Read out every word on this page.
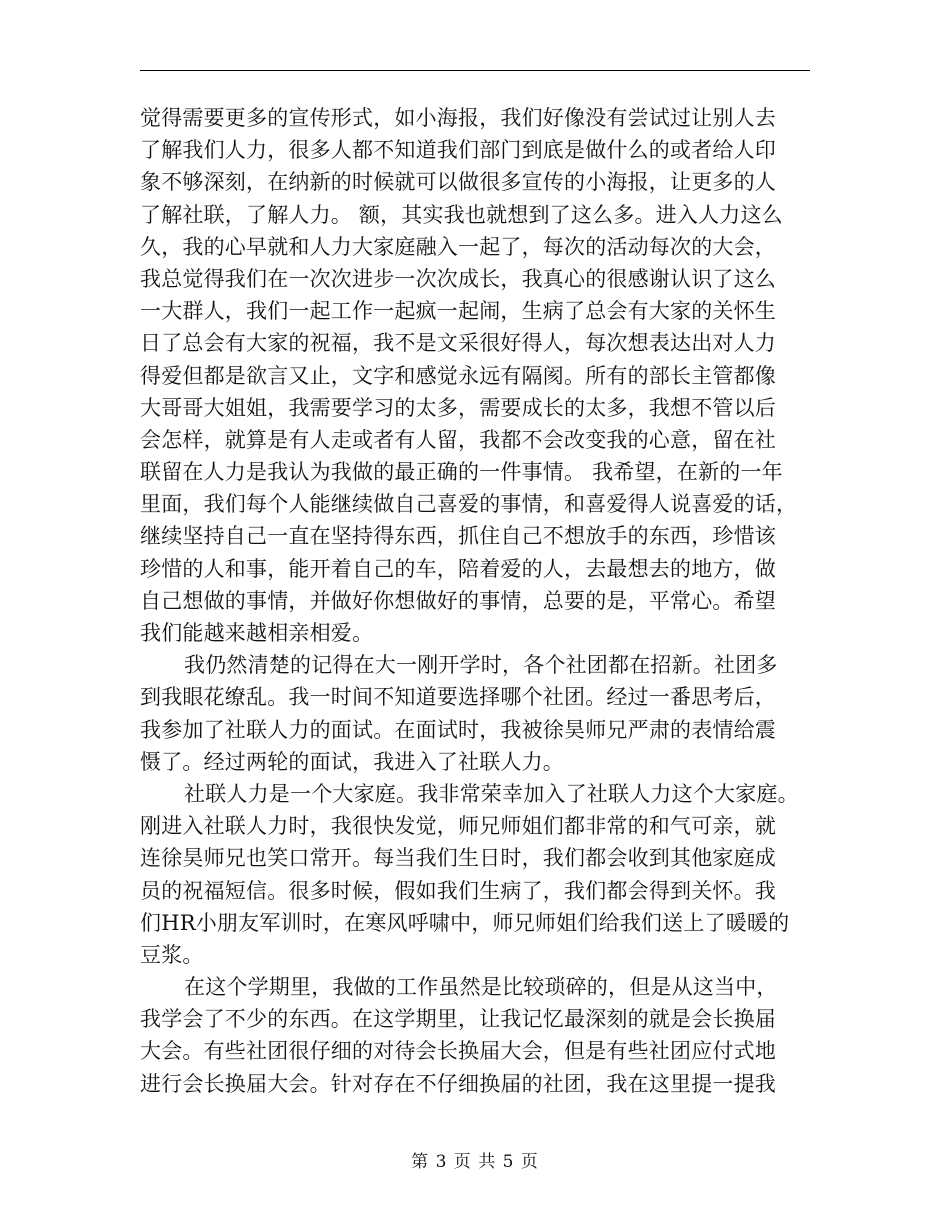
觉得需要更多的宣传形式，如小海报，我们好像没有尝试过让别人去
了解我们人力，很多人都不知道我们部门到底是做什么的或者给人印
象不够深刻，在纳新的时候就可以做很多宣传的小海报，让更多的人
了解社联，了解人力。 额，其实我也就想到了这么多。进入人力这么
久，我的心早就和人力大家庭融入一起了，每次的活动每次的大会，
我总觉得我们在一次次进步一次次成长，我真心的很感谢认识了这么
一大群人，我们一起工作一起疯一起闹，生病了总会有大家的关怀生
日了总会有大家的祝福，我不是文采很好得人，每次想表达出对人力
得爱但都是欲言又止，文字和感觉永远有隔阂。所有的部长主管都像
大哥哥大姐姐，我需要学习的太多，需要成长的太多，我想不管以后
会怎样，就算是有人走或者有人留，我都不会改变我的心意，留在社
联留在人力是我认为我做的最正确的一件事情。 我希望，在新的一年
里面，我们每个人能继续做自己喜爱的事情，和喜爱得人说喜爱的话，
继续坚持自己一直在坚持得东西，抓住自己不想放手的东西，珍惜该
珍惜的人和事，能开着自己的车，陪着爱的人，去最想去的地方，做
自己想做的事情，并做好你想做好的事情，总要的是，平常心。希望
我们能越来越相亲相爱。
我仍然清楚的记得在大一刚开学时，各个社团都在招新。社团多
到我眼花缭乱。我一时间不知道要选择哪个社团。经过一番思考后，
我参加了社联人力的面试。在面试时，我被徐昊师兄严肃的表情给震
慑了。经过两轮的面试，我进入了社联人力。
社联人力是一个大家庭。我非常荣幸加入了社联人力这个大家庭。
刚进入社联人力时，我很快发觉，师兄师姐们都非常的和气可亲，就
连徐昊师兄也笑口常开。每当我们生日时，我们都会收到其他家庭成
员的祝福短信。很多时候，假如我们生病了，我们都会得到关怀。我
们HR小朋友军训时，在寒风呼啸中，师兄师姐们给我们送上了暖暖的
豆浆。
在这个学期里，我做的工作虽然是比较琐碎的，但是从这当中，
我学会了不少的东西。在这学期里，让我记忆最深刻的就是会长换届
大会。有些社团很仔细的对待会长换届大会，但是有些社团应付式地
进行会长换届大会。针对存在不仔细换届的社团，我在这里提一提我
第 3 页 共 5 页
